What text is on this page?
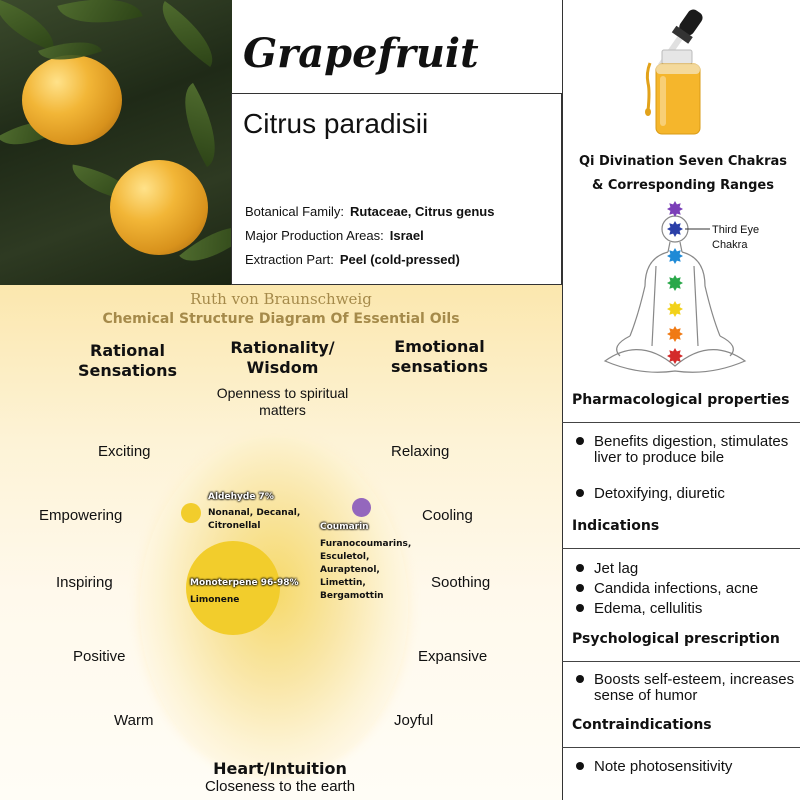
Grapefruit
Citrus paradisii
Botanical Family: Rutaceae, Citrus genus
Major Production Areas: Israel
Extraction Part: Peel (cold-pressed)
Ruth von Braunschweig
Chemical Structure Diagram Of Essential Oils
Rational Sensations
Rationality/ Wisdom
Openness to spiritual matters
Emotional sensations
Exciting
Empowering
Inspiring
Positive
Warm
Relaxing
Cooling
Soothing
Expansive
Joyful
Aldehyde 7%
Nonanal, Decanal,
Citronellal
Monoterpene 96-98%
Limonene
Coumarin
Furanocoumarins,
Esculetol,
Auraptenol,
Limettin,
Bergamottin
Heart/Intuition
Closeness to the earth
Qi Divination Seven Chakras
& Corresponding Ranges
Third Eye
Chakra
Pharmacological properties
Benefits digestion, stimulates liver to produce bile
Detoxifying, diuretic
Indications
Jet lag
Candida infections, acne
Edema, cellulitis
Psychological prescription
Boosts self-esteem, increases sense of humor
Contraindications
Note photosensitivity
